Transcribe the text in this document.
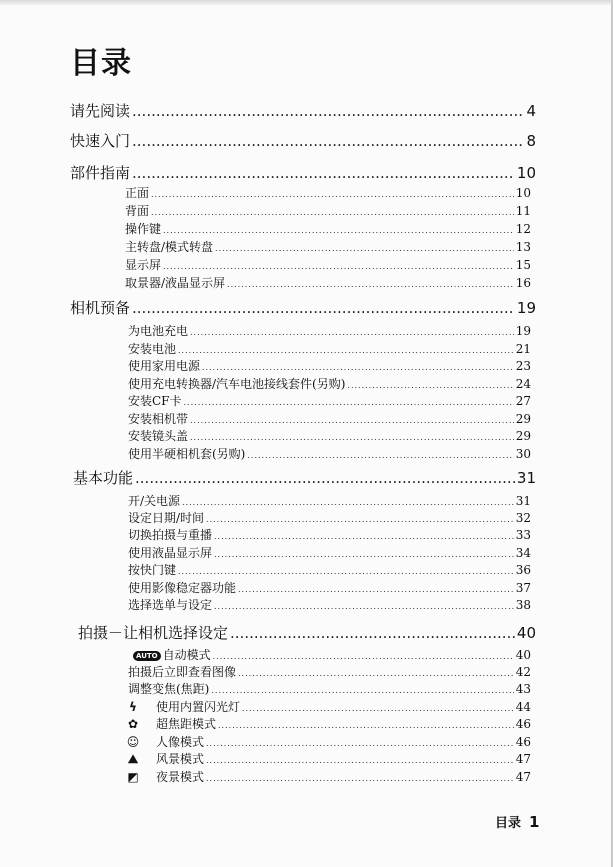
目录
请先阅读 .....	4
快速入门 .....	8
部件指南 .....	10
正面 .....	10
背面 .....	11
操作键 .....	12
主转盘/模式转盘 .....	13
显示屏 .....	15
取景器/液晶显示屏 .....	16
相机预备 .....	19
为电池充电 .....	19
安装电池 .....	21
使用家用电源 .....	23
使用充电转换器/汽车电池接线套件(另购) .....	24
安装CF卡 .....	27
安装相机带 .....	29
安装镜头盖 .....	29
使用半硬相机套(另购) .....	30
基本功能 .....	31
开/关电源 .....	31
设定日期/时间 .....	32
切换拍摄与重播 .....	33
使用液晶显示屏 .....	34
按快门键 .....	36
使用影像稳定器功能 .....	37
选择选单与设定 .....	38
拍摄－让相机选择设定 .....	40
AUTO 自动模式 .....	40
拍摄后立即查看图像 .....	42
调整变焦(焦距) .....	43
ϟ 使用内置闪光灯 .....	44
✿ 超焦距模式 .....	46
☺ 人像模式 .....	46
⛰ 风景模式 .....	47
◩ 夜景模式 .....	47
目录 1
